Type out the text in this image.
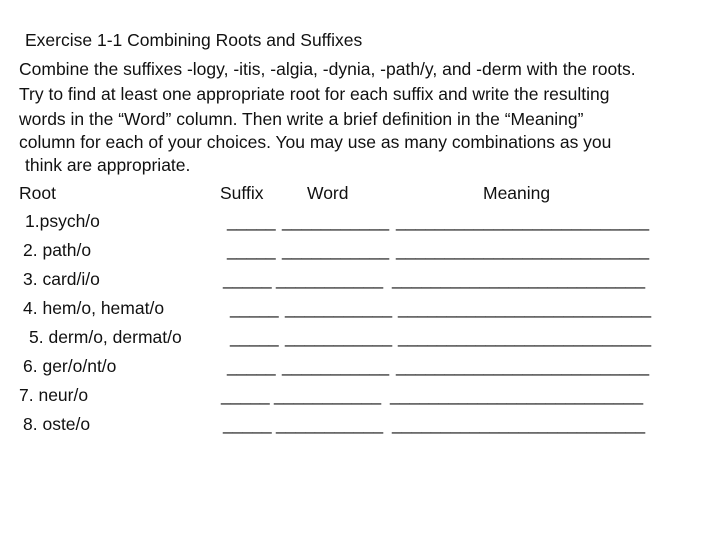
Exercise 1-1 Combining Roots and Suffixes
Combine the suffixes -logy, -itis, -algia, -dynia, -path/y, and -derm with the roots.
Try to find at least one appropriate root for each suffix and write the resulting
words in the “Word” column. Then write a brief definition in the “Meaning”
column for each of your choices. You may use as many combinations as you
think are appropriate.
Root	Suffix Word	Meaning
1.psych/o	_____ ___________ __________________________
2. path/o	_____ ___________ __________________________
3. card/i/o	_____ ___________ __________________________
4. hem/o, hemat/o	_____ ___________ __________________________
5. derm/o, dermat/o	_____ ___________ __________________________
6. ger/o/nt/o	_____ ___________ __________________________
7. neur/o	_____ ___________ __________________________
8. oste/o	_____ ___________ __________________________
